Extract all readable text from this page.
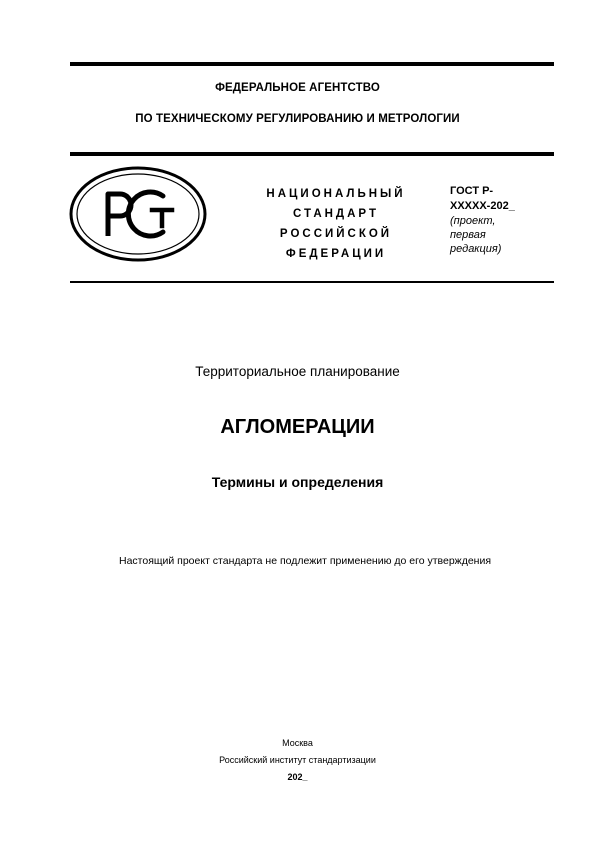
ФЕДЕРАЛЬНОЕ АГЕНТСТВО
ПО ТЕХНИЧЕСКОМУ РЕГУЛИРОВАНИЮ И МЕТРОЛОГИИ
НАЦИОНАЛЬНЫЙ
СТАНДАРТ
РОССИЙСКОЙ
ФЕДЕРАЦИИ
ГОСТ Р-
XXXXX-202_
(проект,
первая
редакция)
Территориальное планирование
АГЛОМЕРАЦИИ
Термины и определения
Настоящий проект стандарта не подлежит применению до его утверждения
Москва
Российский институт стандартизации
202_
